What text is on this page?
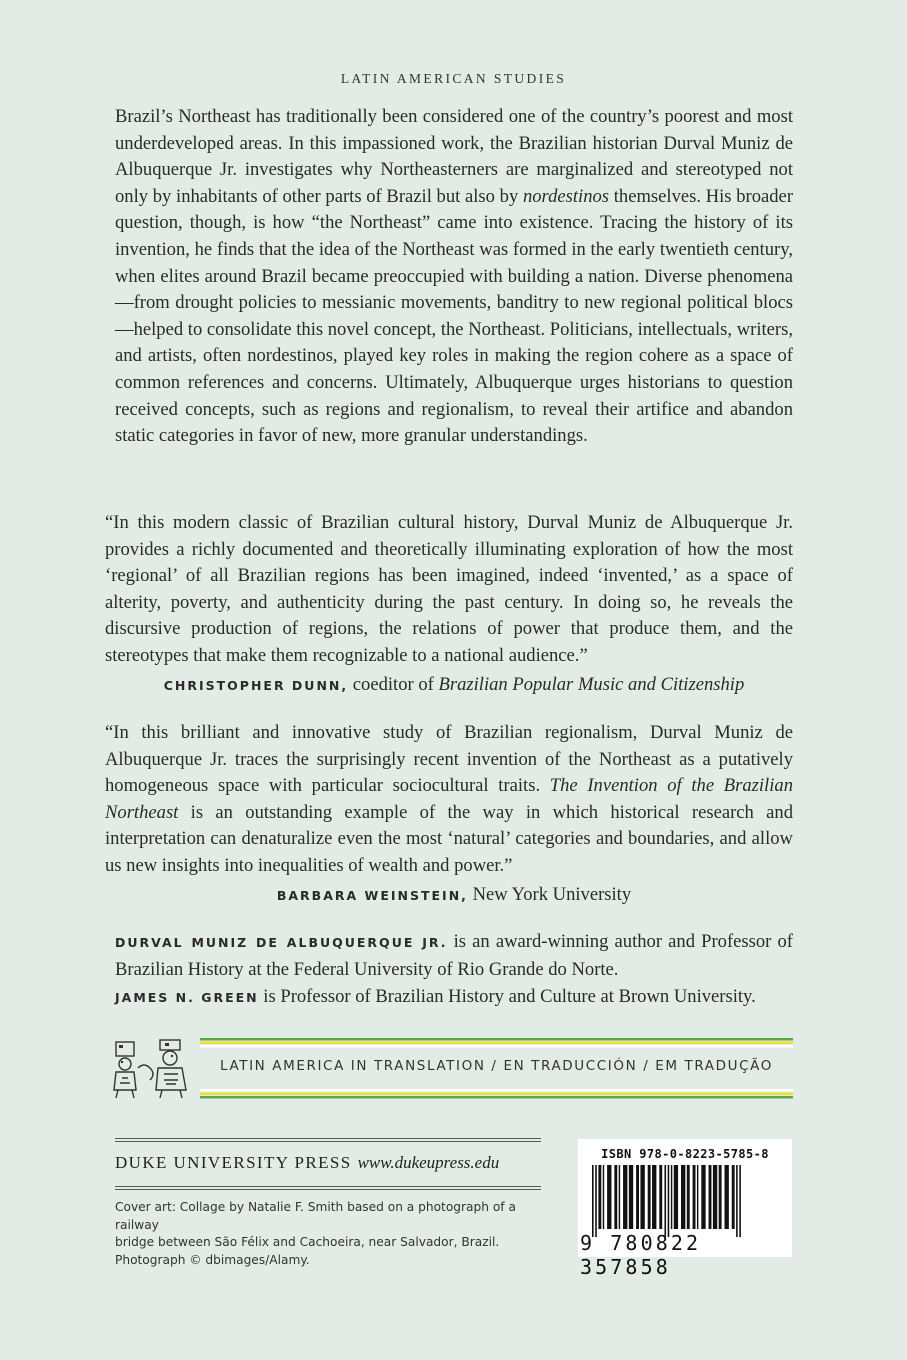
LATIN AMERICAN STUDIES
Brazil’s Northeast has traditionally been considered one of the country’s poorest and most underdeveloped areas. In this impassioned work, the Brazilian historian Durval Muniz de Albuquerque Jr. investigates why Northeasterners are marginalized and stereotyped not only by inhabitants of other parts of Brazil but also by nordestinos themselves. His broader question, though, is how “the Northeast” came into existence. Tracing the history of its invention, he finds that the idea of the Northeast was formed in the early twentieth century, when elites around Brazil became preoccupied with building a nation. Diverse phenomena—from drought policies to messianic movements, banditry to new regional political blocs—helped to consolidate this novel concept, the Northeast. Politicians, intellectuals, writers, and artists, often nordestinos, played key roles in making the region cohere as a space of common references and concerns. Ultimately, Albuquerque urges historians to question received concepts, such as regions and regionalism, to reveal their artifice and abandon static categories in favor of new, more granular understandings.
“In this modern classic of Brazilian cultural history, Durval Muniz de Albuquerque Jr. provides a richly documented and theoretically illuminating exploration of how the most ‘regional’ of all Brazilian regions has been imagined, indeed ‘invented,’ as a space of alterity, poverty, and authenticity during the past century. In doing so, he reveals the discursive production of regions, the relations of power that produce them, and the stereotypes that make them recognizable to a national audience.”
CHRISTOPHER DUNN, coeditor of Brazilian Popular Music and Citizenship
“In this brilliant and innovative study of Brazilian regionalism, Durval Muniz de Albuquerque Jr. traces the surprisingly recent invention of the Northeast as a putatively homogeneous space with particular sociocultural traits. The Invention of the Brazilian Northeast is an outstanding example of the way in which historical research and interpretation can denaturalize even the most ‘natural’ categories and boundaries, and allow us new insights into inequalities of wealth and power.”
BARBARA WEINSTEIN, New York University

DURVAL MUNIZ DE ALBUQUERQUE JR. is an award-winning author and Professor of Brazilian History at the Federal University of Rio Grande do Norte.

JAMES N. GREEN is Professor of Brazilian History and Culture at Brown University.

LATIN AMERICA IN TRANSLATION / EN TRADUCCIÓN / EM TRADUÇÃO
DUKE UNIVERSITY PRESS www.dukeupress.edu
Cover art: Collage by Natalie F. Smith based on a photograph of a railway
bridge between São Félix and Cachoeira, near Salvador, Brazil.
Photograph © dbimages/Alamy.
ISBN 978-0-8223-5785-8
9 780822 357858
